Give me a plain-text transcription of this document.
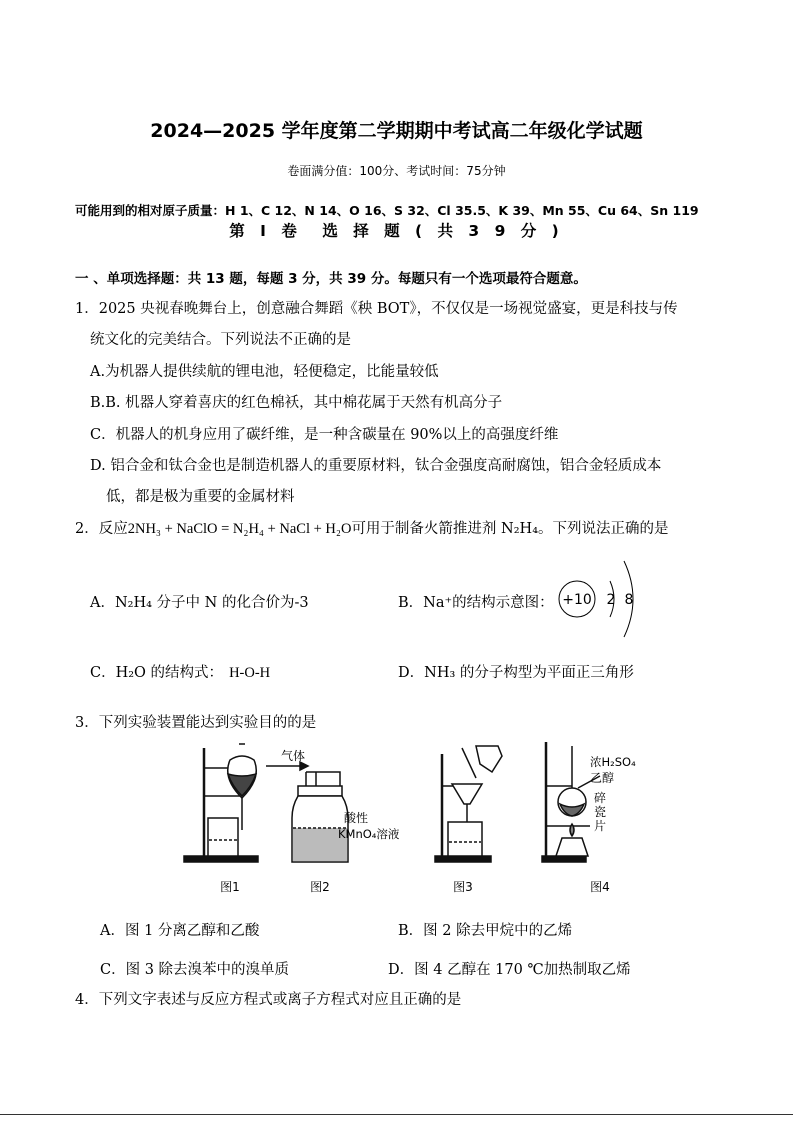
2024—2025 学年度第二学期期中考试高二年级化学试题
卷面满分值：100分、考试时间：75分钟
可能用到的相对原子质量：H 1、C 12、N 14、O 16、S 32、Cl 35.5、K 39、Mn 55、Cu 64、Sn 119
第 I 卷　选 择 题 ( 共 3 9 分 )
一 、单项选择题：共 13 题，每题 3 分，共 39 分。每题只有一个选项最符合题意。
1．2025 央视春晚舞台上，创意融合舞蹈《秧 BOT》，不仅仅是一场视觉盛宴，更是科技与传
统文化的完美结合。下列说法不正确的是
A.为机器人提供续航的锂电池，轻便稳定，比能量较低
B.B. 机器人穿着喜庆的红色棉袄，其中棉花属于天然有机高分子
C．机器人的机身应用了碳纤维，是一种含碳量在 90%以上的高强度纤维
D. 铝合金和钛合金也是制造机器人的重要原材料，钛合金强度高耐腐蚀，铝合金轻质成本
低，都是极为重要的金属材料
2．反应2NH₃ + NaClO = N₂H₄ + NaCl + H₂O可用于制备火箭推进剂 N₂H₄。下列说法正确的是
A．N₂H₄ 分子中 N 的化合价为-3	B．Na⁺的结构示意图： +10 2 8
C．H₂O 的结构式： H-O-H	D．NH₃ 的分子构型为平面正三角形
3．下列实验装置能达到实验目的的是
图1
气体
酸性
KMnO₄溶液
图2	图3
浓H₂SO₄
乙醇
碎
瓷
片
图4
A．图 1 分离乙醇和乙酸	B．图 2 除去甲烷中的乙烯
C．图 3 除去溴苯中的溴单质	D．图 4 乙醇在 170 ℃加热制取乙烯
4．下列文字表述与反应方程式或离子方程式对应且正确的是
